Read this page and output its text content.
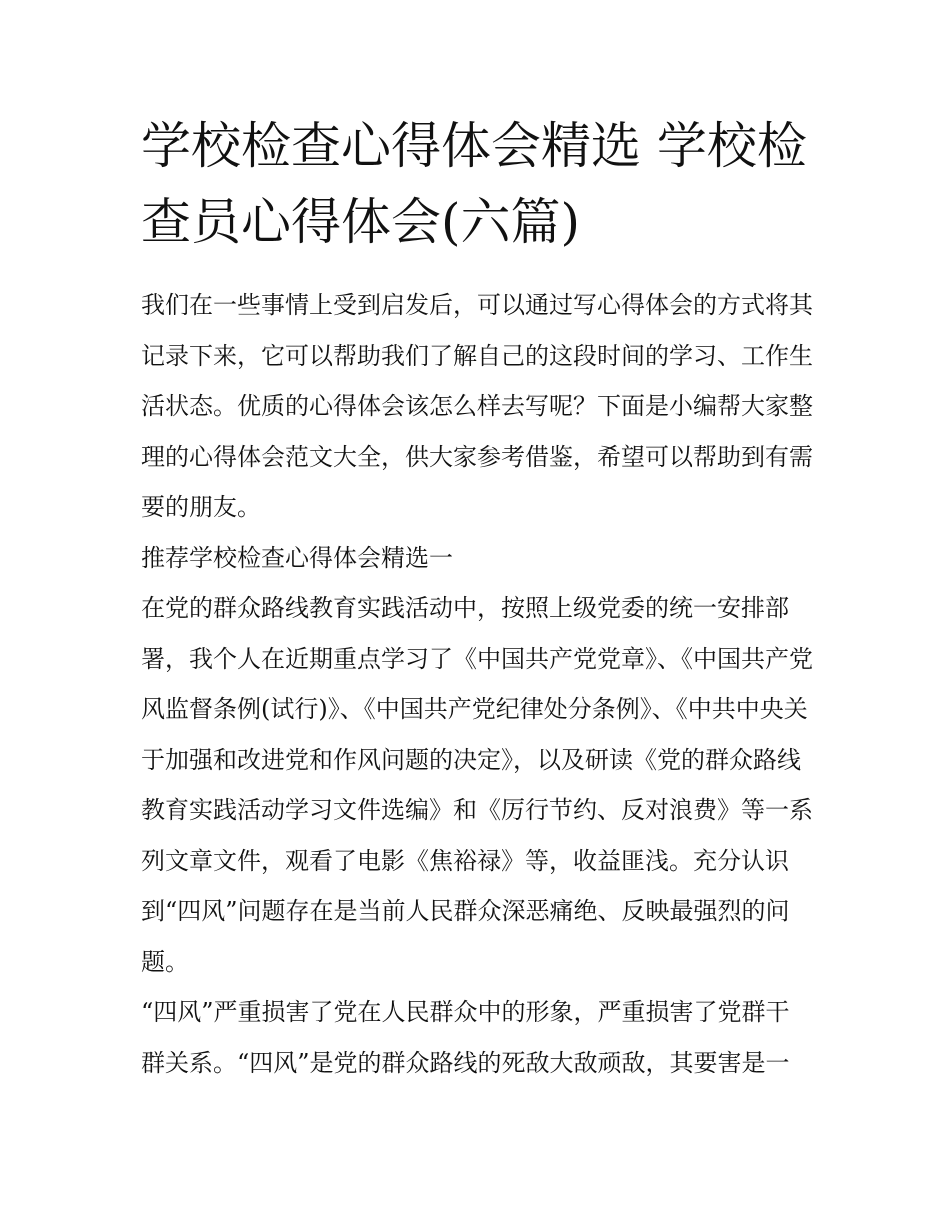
学校检查心得体会精选 学校检查员心得体会(六篇)

我们在一些事情上受到启发后，可以通过写心得体会的方式将其记录下来，它可以帮助我们了解自己的这段时间的学习、工作生活状态。优质的心得体会该怎么样去写呢？下面是小编帮大家整理的心得体会范文大全，供大家参考借鉴，希望可以帮助到有需要的朋友。

推荐学校检查心得体会精选一

在党的群众路线教育实践活动中，按照上级党委的统一安排部署，我个人在近期重点学习了《中国共产党党章》、《中国共产党风监督条例(试行)》、《中国共产党纪律处分条例》、《中共中央关于加强和改进党和作风问题的决定》，以及研读《党的群众路线教育实践活动学习文件选编》和《厉行节约、反对浪费》等一系列文章文件，观看了电影《焦裕禄》等，收益匪浅。充分认识到“四风”问题存在是当前人民群众深恶痛绝、反映最强烈的问题。

“四风”严重损害了党在人民群众中的形象，严重损害了党群干群关系。“四风”是党的群众路线的死敌大敌顽敌，其要害是一
